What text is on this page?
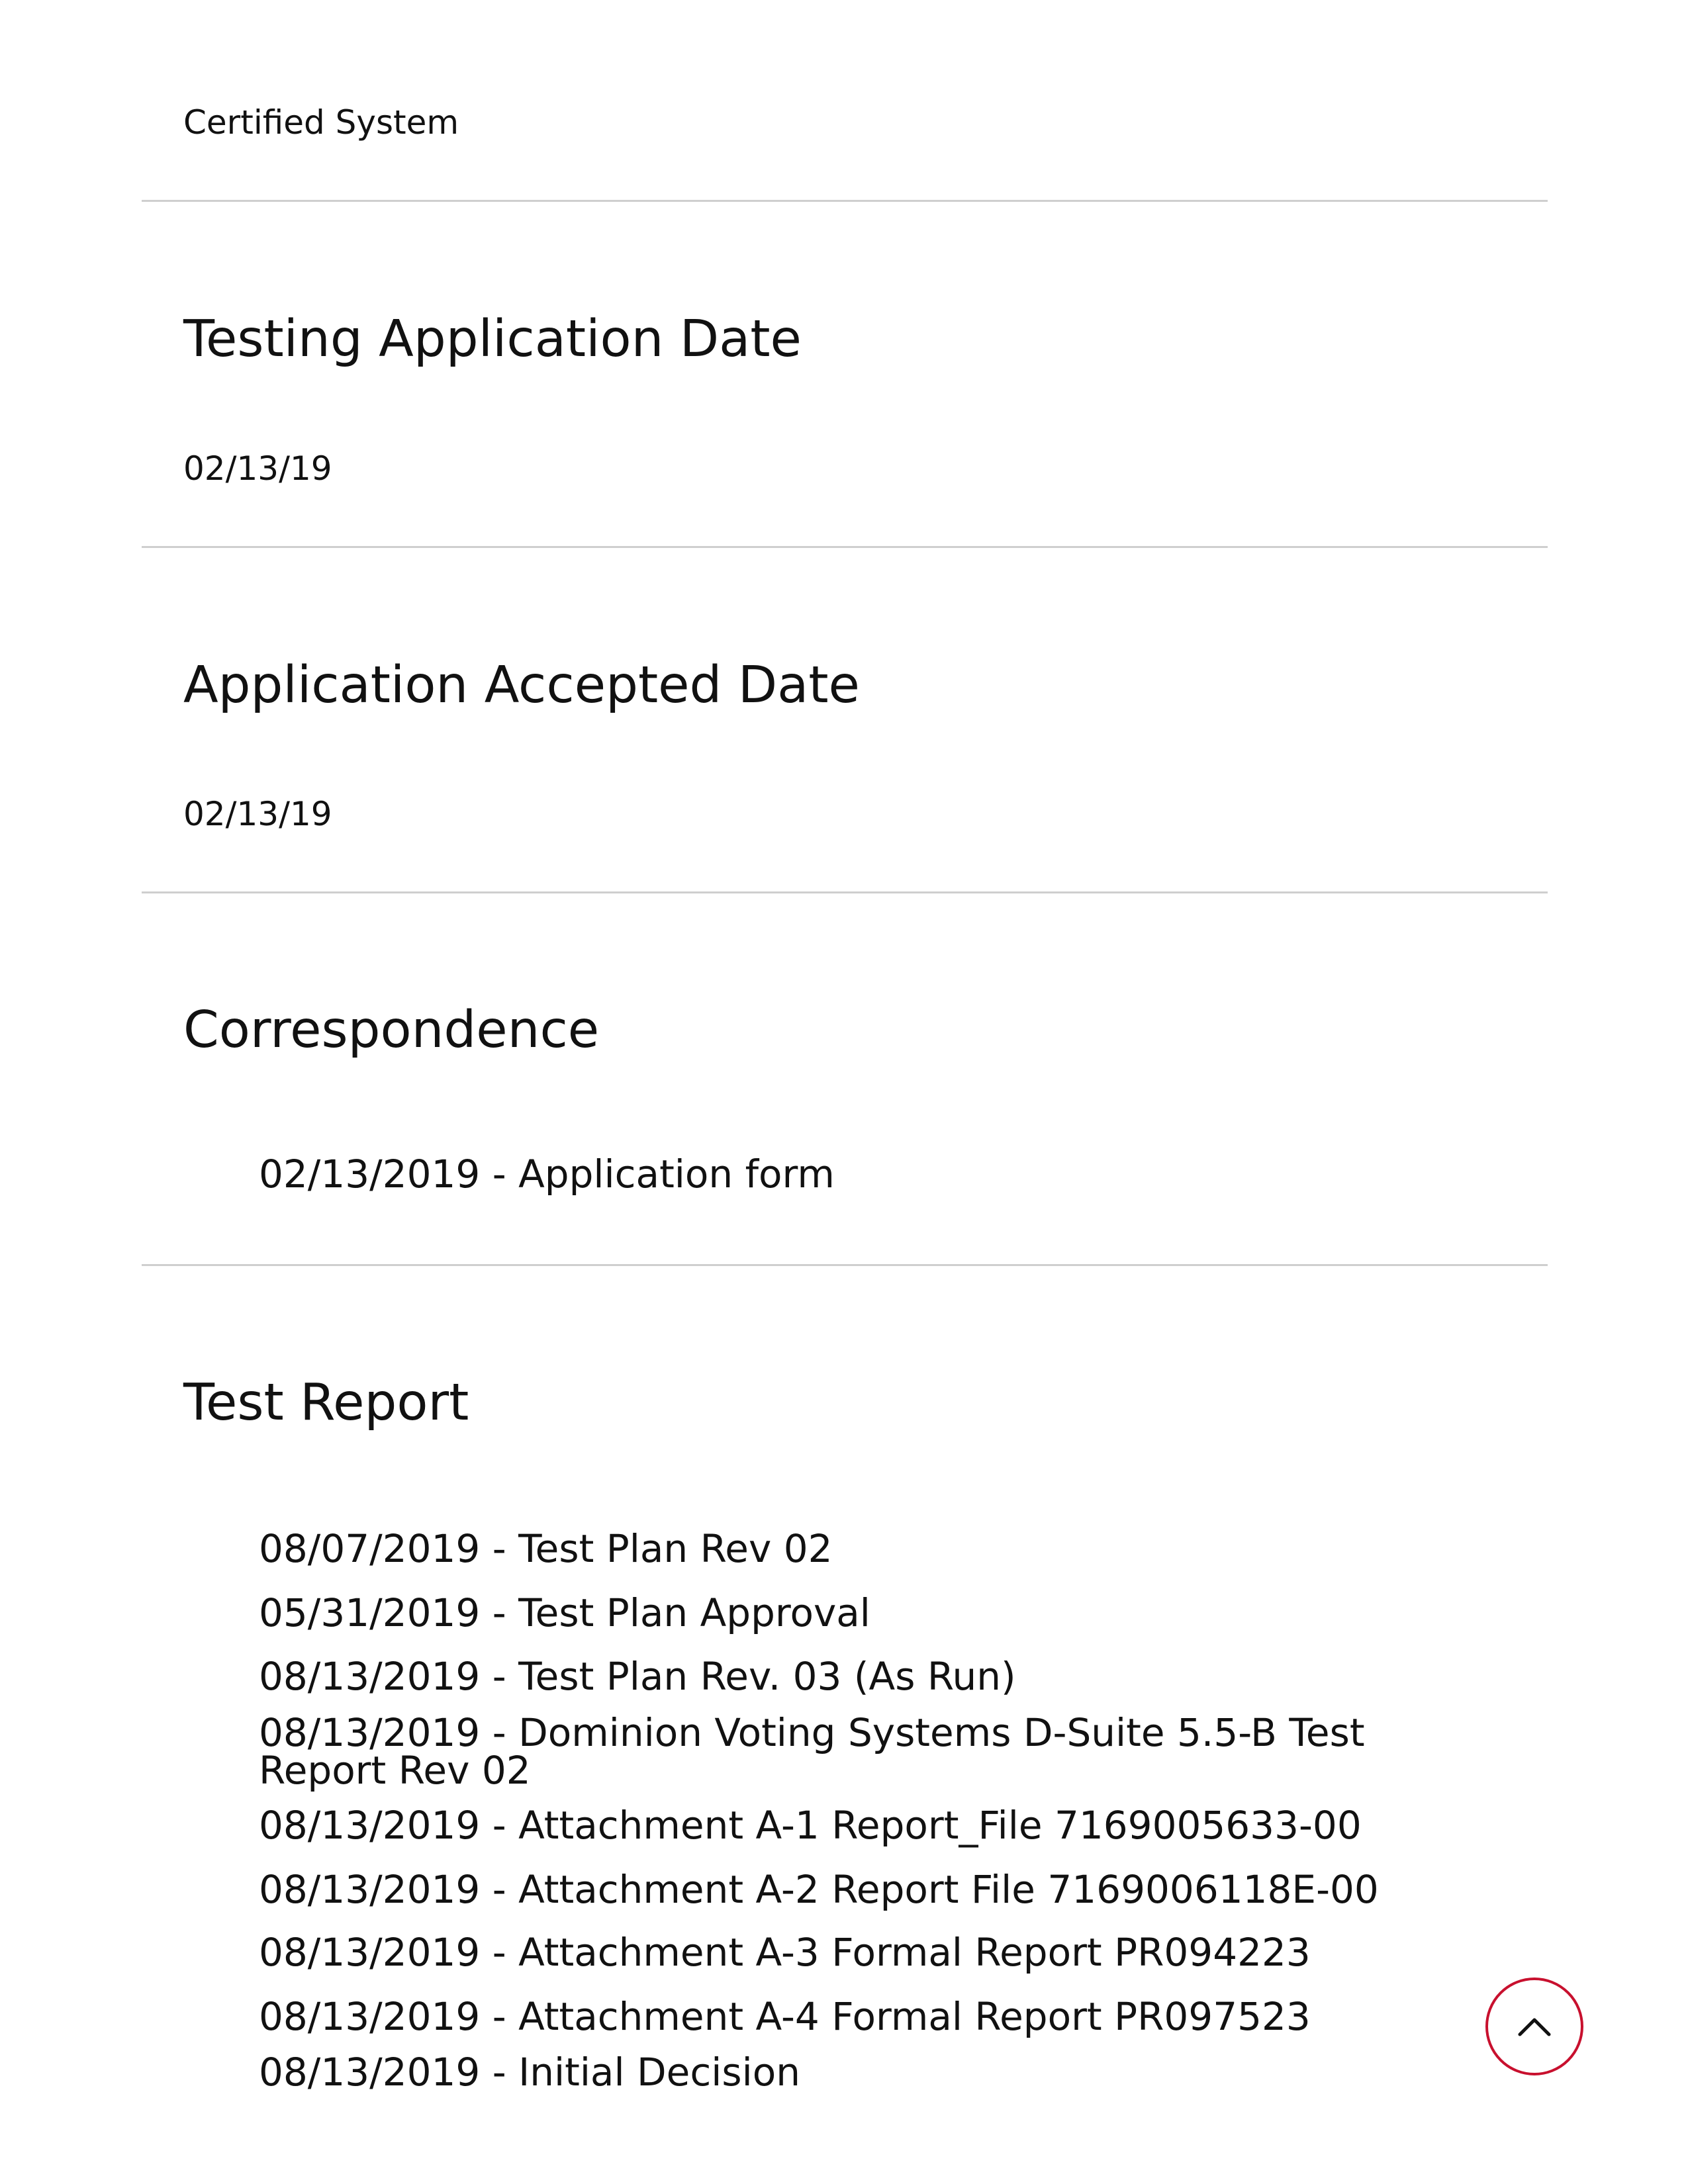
Certified System
Testing Application Date
02/13/19
Application Accepted Date
02/13/19
Correspondence
02/13/2019 - Application form
Test Report
08/07/2019 - Test Plan Rev 02
05/31/2019 - Test Plan Approval
08/13/2019 - Test Plan Rev. 03 (As Run)
08/13/2019 - Dominion Voting Systems D-Suite 5.5-B Test Report Rev 02
08/13/2019 - Attachment A-1 Report_File 7169005633-00
08/13/2019 - Attachment A-2 Report File 7169006118E-00
08/13/2019 - Attachment A-3 Formal Report PR094223
08/13/2019 - Attachment A-4 Formal Report PR097523
08/13/2019 - Initial Decision
